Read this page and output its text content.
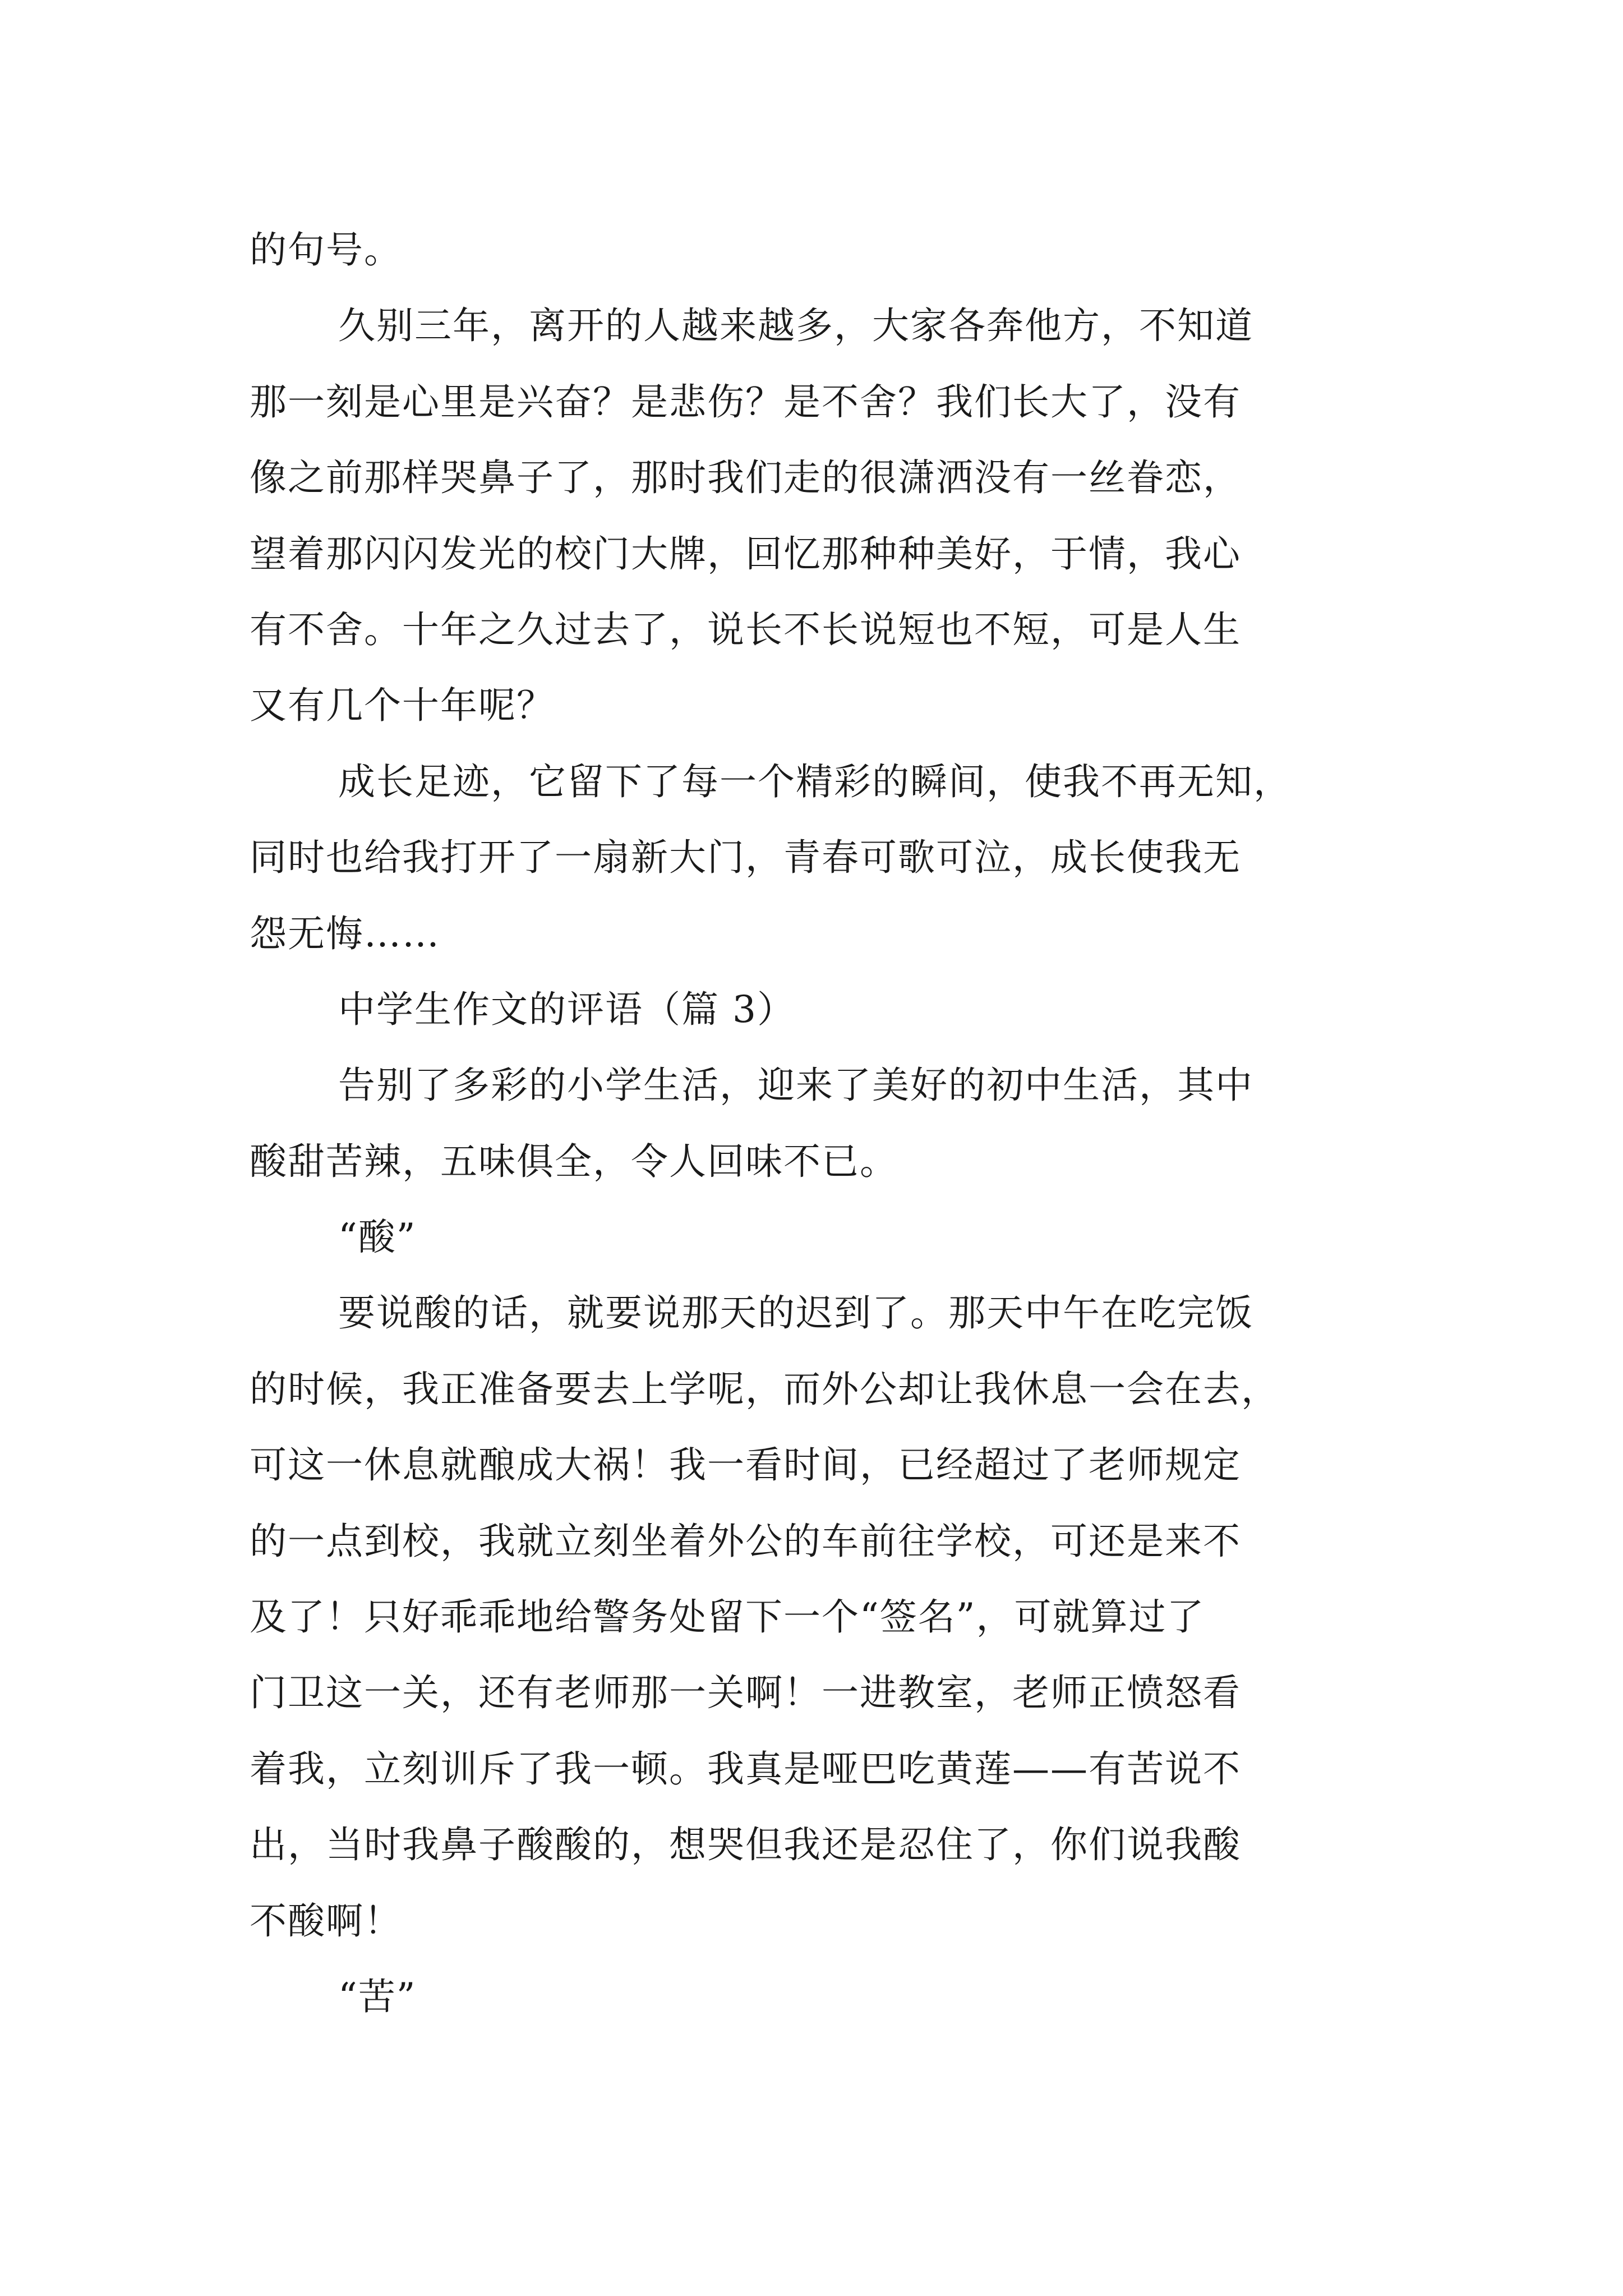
的句号。
久别三年，离开的人越来越多，大家各奔他方，不知道
那一刻是心里是兴奋？是悲伤？是不舍？我们长大了，没有
像之前那样哭鼻子了，那时我们走的很潇洒没有一丝眷恋，
望着那闪闪发光的校门大牌，回忆那种种美好，于情，我心
有不舍。十年之久过去了，说长不长说短也不短，可是人生
又有几个十年呢？
成长足迹，它留下了每一个精彩的瞬间，使我不再无知，
同时也给我打开了一扇新大门，青春可歌可泣，成长使我无
怨无悔……
中学生作文的评语（篇 3）
告别了多彩的小学生活，迎来了美好的初中生活，其中
酸甜苦辣，五味俱全，令人回味不已。
“酸”
要说酸的话，就要说那天的迟到了。那天中午在吃完饭
的时候，我正准备要去上学呢，而外公却让我休息一会在去，
可这一休息就酿成大祸！我一看时间，已经超过了老师规定
的一点到校，我就立刻坐着外公的车前往学校，可还是来不
及了！只好乖乖地给警务处留下一个“签名”，可就算过了
门卫这一关，还有老师那一关啊！一进教室，老师正愤怒看
着我，立刻训斥了我一顿。我真是哑巴吃黄莲——有苦说不
出，当时我鼻子酸酸的，想哭但我还是忍住了，你们说我酸
不酸啊！
“苦”
